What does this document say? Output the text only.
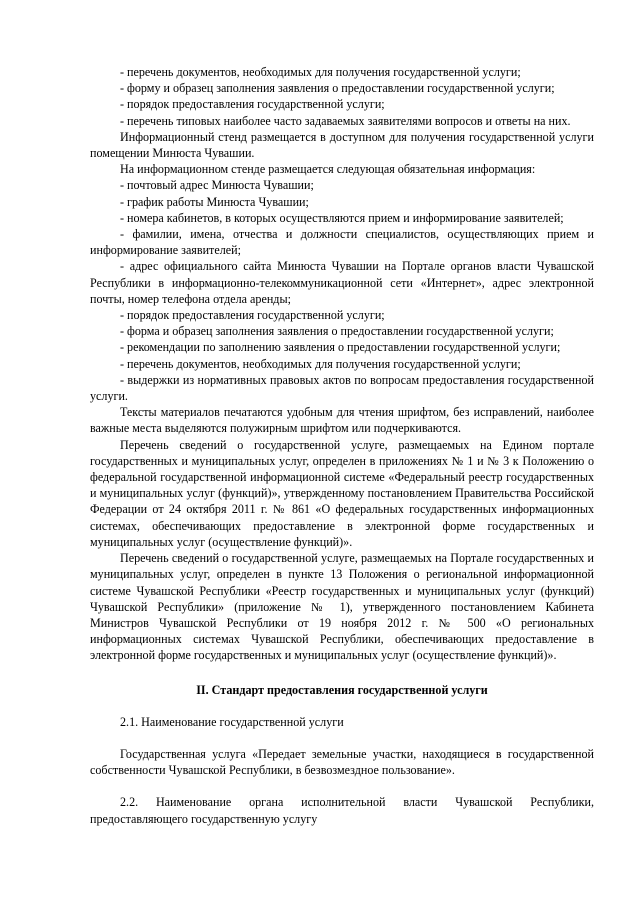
- перечень документов, необходимых для получения государственной услуги;

- форму и образец заполнения заявления о предоставлении государственной услуги;

- порядок предоставления государственной услуги;

- перечень типовых наиболее часто задаваемых заявителями вопросов и ответы на них.

Информационный стенд размещается в доступном для получения государственной услуги помещении Минюста Чувашии.

На информационном стенде размещается следующая обязательная информация:

- почтовый адрес Минюста Чувашии;

- график работы Минюста Чувашии;

- номера кабинетов, в которых осуществляются прием и информирование заявителей;

- фамилии, имена, отчества и должности специалистов, осуществляющих прием и информирование заявителей;

- адрес официального сайта Минюста Чувашии на Портале органов власти Чувашской Республики в информационно-телекоммуникационной сети «Интернет», адрес электронной почты, номер телефона отдела аренды;

- порядок предоставления государственной услуги;

- форма и образец заполнения заявления о предоставлении государственной услуги;

- рекомендации по заполнению заявления о предоставлении государственной услуги;

- перечень документов, необходимых для получения государственной услуги;

- выдержки из нормативных правовых актов по вопросам предоставления государственной услуги.

Тексты материалов печатаются удобным для чтения шрифтом, без исправлений, наиболее важные места выделяются полужирным шрифтом или подчеркиваются.

Перечень сведений о государственной услуге, размещаемых на Едином портале государственных и муниципальных услуг, определен в приложениях № 1 и № 3 к Положению о федеральной государственной информационной системе «Федеральный реестр государственных и муниципальных услуг (функций)», утвержденному постановлением Правительства Российской Федерации от 24 октября 2011 г. № 861 «О федеральных государственных информационных системах, обеспечивающих предоставление в электронной форме государственных и муниципальных услуг (осуществление функций)».

Перечень сведений о государственной услуге, размещаемых на Портале государственных и муниципальных услуг, определен в пункте 13 Положения о региональной информационной системе Чувашской Республики «Реестр государственных и муниципальных услуг (функций) Чувашской Республики» (приложение № 1), утвержденного постановлением Кабинета Министров Чувашской Республики от 19 ноября 2012 г. № 500 «О региональных информационных системах Чувашской Республики, обеспечивающих предоставление в электронной форме государственных и муниципальных услуг (осуществление функций)».

II. Стандарт предоставления государственной услуги

2.1. Наименование государственной услуги

Государственная услуга «Передает земельные участки, находящиеся в государственной собственности Чувашской Республики, в безвозмездное пользование».

2.2. Наименование органа исполнительной власти Чувашской Республики, предоставляющего государственную услугу
